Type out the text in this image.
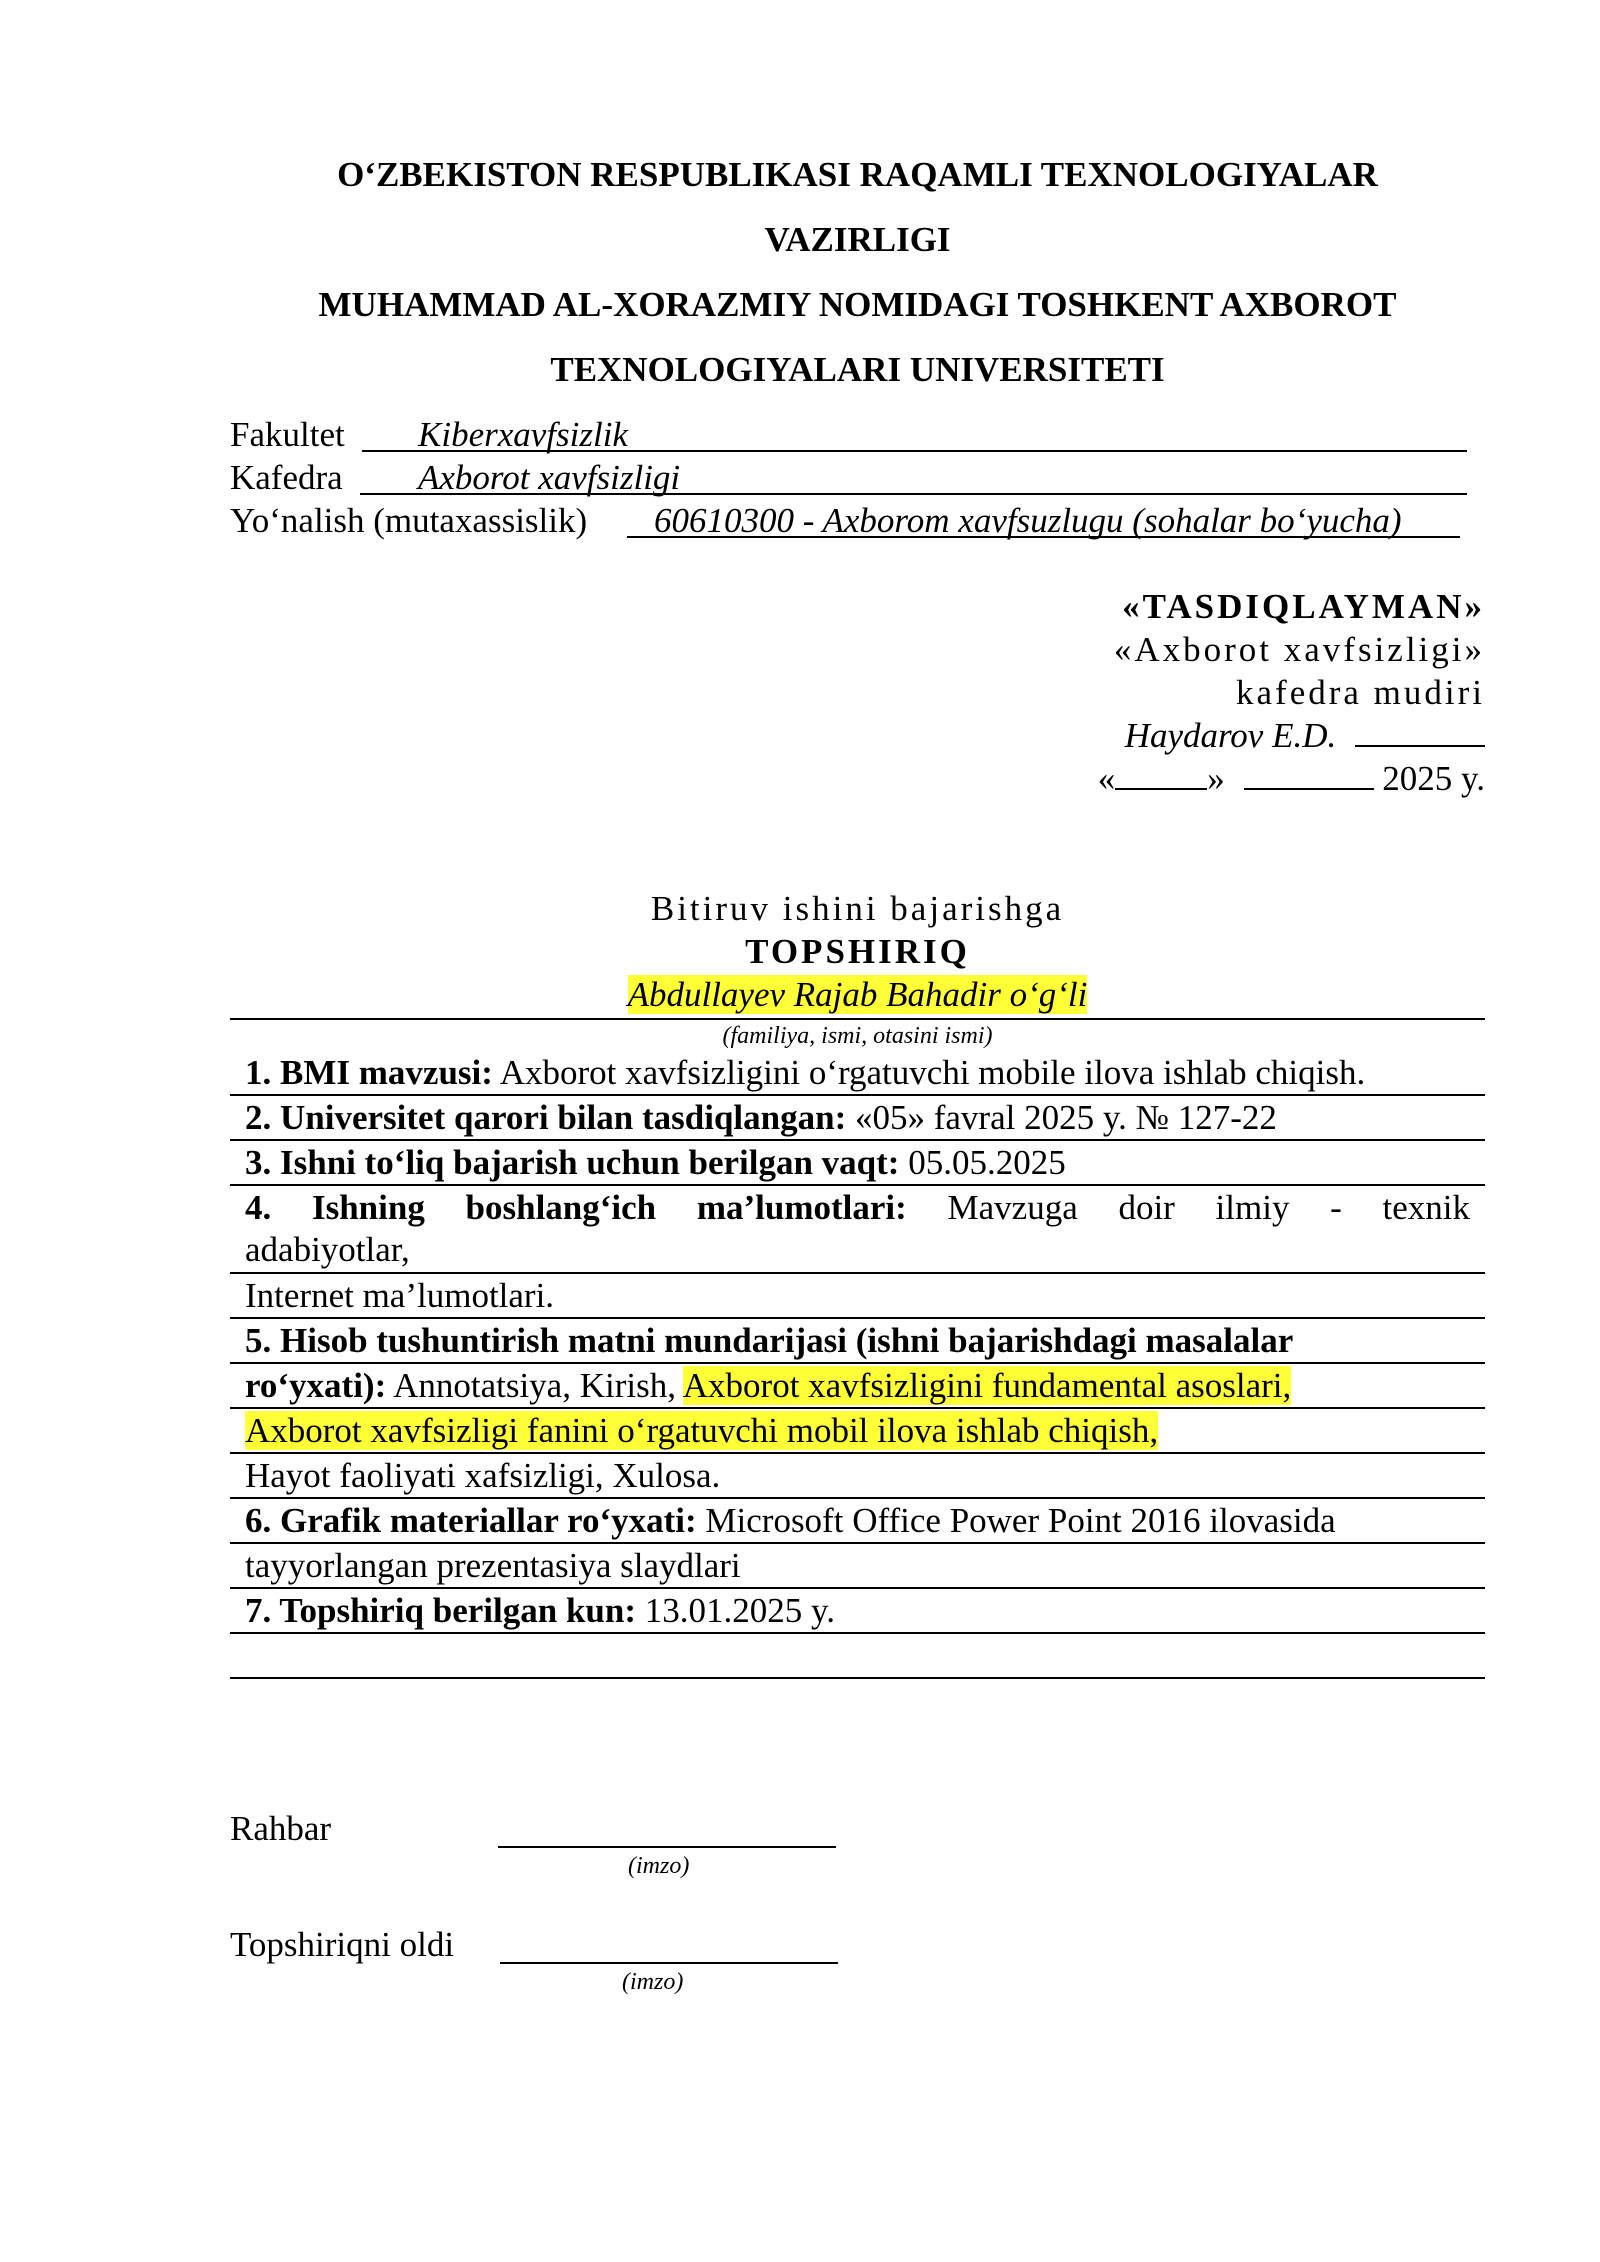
O‘ZBEKISTON RESPUBLIKASI RAQAMLI TEXNOLOGIYALAR
VAZIRLIGI
MUHAMMAD AL-XORAZMIY NOMIDAGI TOSHKENT AXBOROT
TEXNOLOGIYALARI UNIVERSITETI
Fakultet Kiberxavfsizlik
Kafedra Axborot xavfsizligi
Yo‘nalish (mutaxassislik) 60610300 - Axborom xavfsuzlugu (sohalar bo‘yucha)
«TASDIQLAYMAN»
«Axborot xavfsizligi»
kafedra mudiri
Haydarov E.D.
«	»	2025 y.
Bitiruv ishini bajarishga
TOPSHIRIQ
Abdullayev Rajab Bahadir o‘g‘li
(familiya, ismi, otasini ismi)
1. BMI mavzusi: Axborot xavfsizligini o‘rgatuvchi mobile ilova ishlab chiqish.
2. Universitet qarori bilan tasdiqlangan: «05» favral 2025 y. № 127-22
3. Ishni to‘liq bajarish uchun berilgan vaqt: 05.05.2025
4. Ishning boshlang‘ich ma’lumotlari: Mavzuga doir ilmiy - texnik
adabiyotlar,
Internet ma’lumotlari.
5. Hisob tushuntirish matni mundarijasi (ishni bajarishdagi masalalar
ro‘yxati): Annotatsiya, Kirish, Axborot xavfsizligini fundamental asoslari,
Axborot xavfsizligi fanini o‘rgatuvchi mobil ilova ishlab chiqish,
Hayot faoliyati xafsizligi, Xulosa.
6. Grafik materiallar ro‘yxati: Microsoft Office Power Point 2016 ilovasida
tayyorlangan prezentasiya slaydlari
7. Topshiriq berilgan kun: 13.01.2025 y.
Rahbar
(imzo)
Topshiriqni oldi
(imzo)
